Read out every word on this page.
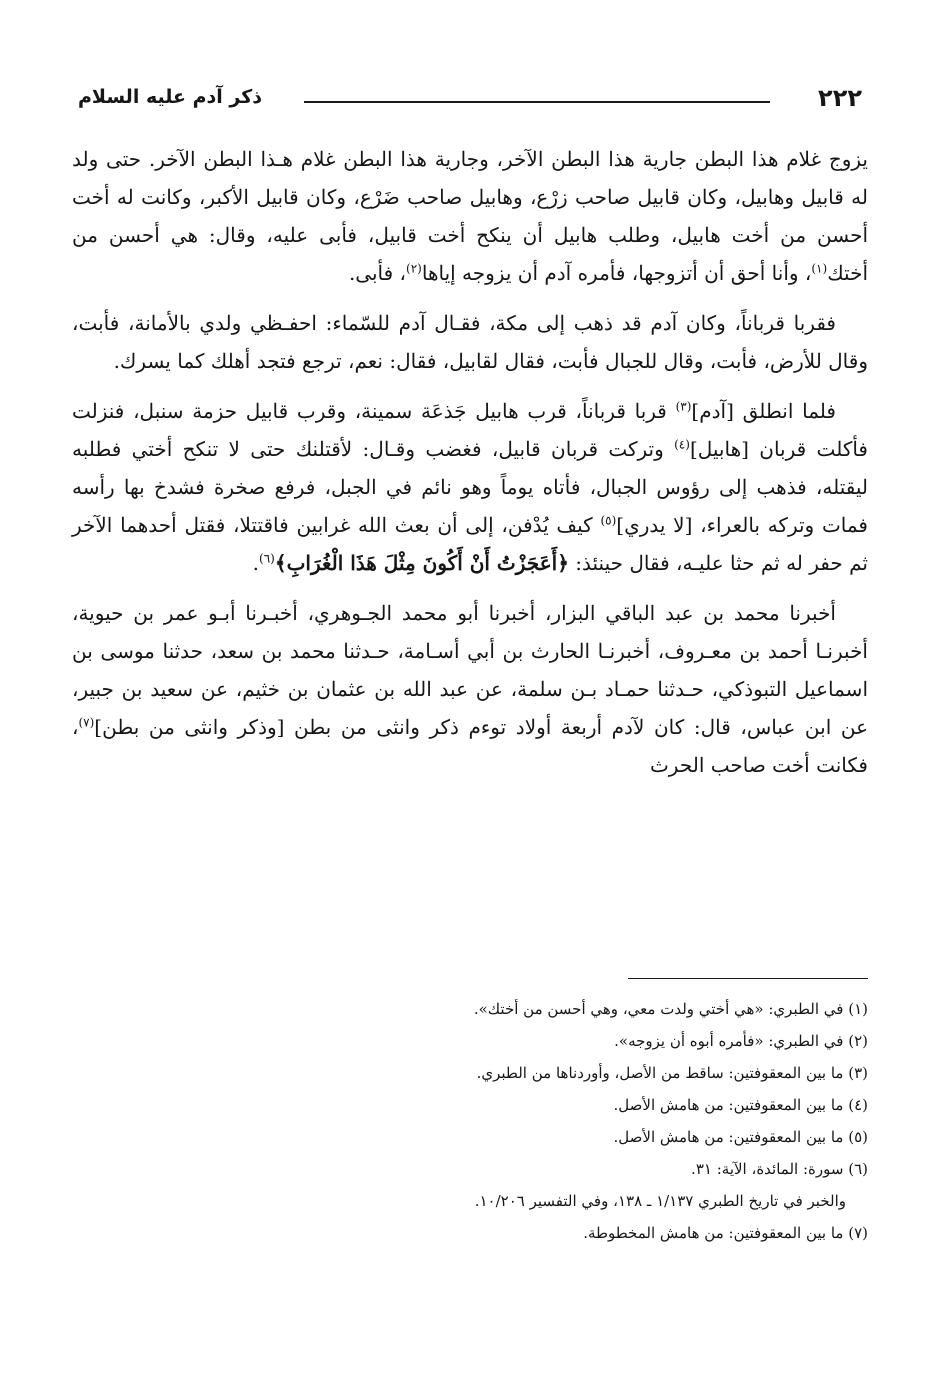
٢٢٢
ذكر آدم عليه السلام

يزوج غلام هذا البطن جارية هذا البطن الآخر، وجارية هذا البطن غلام هـذا البطن الآخر. حتى ولد له قابيل وهابيل، وكان قابيل صاحب زرْع، وهابيل صاحب ضَرْع، وكان قابيل الأكبر، وكانت له أخت أحسن من أخت هابيل، وطلب هابيل أن ينكح أخت قابيل، فأبى عليه، وقال: هي أحسن من أختك$^{(١)}$، وأنا أحق أن أتزوجها، فأمره آدم أن يزوجه إياها$^{(٢)}$، فأبى.

فقربا قرباناً، وكان آدم قد ذهب إلى مكة، فقـال آدم للسّماء: احفـظي ولدي بالأمانة، فأبت، وقال للأرض، فأبت، وقال للجبال فأبت، فقال لقابيل، فقال: نعم، ترجع فتجد أهلك كما يسرك.

فلما انطلق [آدم]$^{(٣)}$ قربا قرباناً، قرب هابيل جَذعَة سمينة، وقرب قابيل حزمة سنبل، فنزلت فأكلت قربان [هابيل]$^{(٤)}$ وتركت قربان قابيل، فغضب وقـال: لأقتلنك حتى لا تنكح أختي فطلبه ليقتله، فذهب إلى رؤوس الجبال، فأتاه يوماً وهو نائم في الجبل، فرفع صخرة فشدخ بها رأسه فمات وتركه بالعراء، [لا يدري]$^{(٥)}$ كيف يُدْفن، إلى أن بعث الله غرابين فاقتتلا، فقتل أحدهما الآخر ثم حفر له ثم حثا عليـه، فقال حينئذ: ﴿أَعَجَزْتُ أَنْ أَكُونَ مِثْلَ هَذَا الْغُرَابِ﴾$^{(٦)}$.

أخبرنا محمد بن عبد الباقي البزار، أخبرنا أبو محمد الجـوهري، أخبـرنا أبـو عمر بن حيوية، أخبرنـا أحمد بن معـروف، أخبرنـا الحارث بن أبي أسـامة، حـدثنا محمد بن سعد، حدثنا موسى بن اسماعيل التبوذكي، حـدثنا حمـاد بـن سلمة، عن عبد الله بن عثمان بن خثيم، عن سعيد بن جبير، عن ابن عباس، قال: كان لآدم أربعة أولاد توءم ذكر وانثى من بطن [وذكر وانثى من بطن]$^{(٧)}$، فكانت أخت صاحب الحرث

(١) في الطبري: «هي أختي ولدت معي، وهي أحسن من أختك».

(٢) في الطبري: «فأمره أبوه أن يزوجه».

(٣) ما بين المعقوفتين: ساقط من الأصل، وأوردناها من الطبري.

(٤) ما بين المعقوفتين: من هامش الأصل.

(٥) ما بين المعقوفتين: من هامش الأصل.

(٦) سورة: المائدة، الآية: ٣١.

والخبر في تاريخ الطبري ١/١٣٧ ـ ١٣٨، وفي التفسير ١٠/٢٠٦.

(٧) ما بين المعقوفتين: من هامش المخطوطة.
